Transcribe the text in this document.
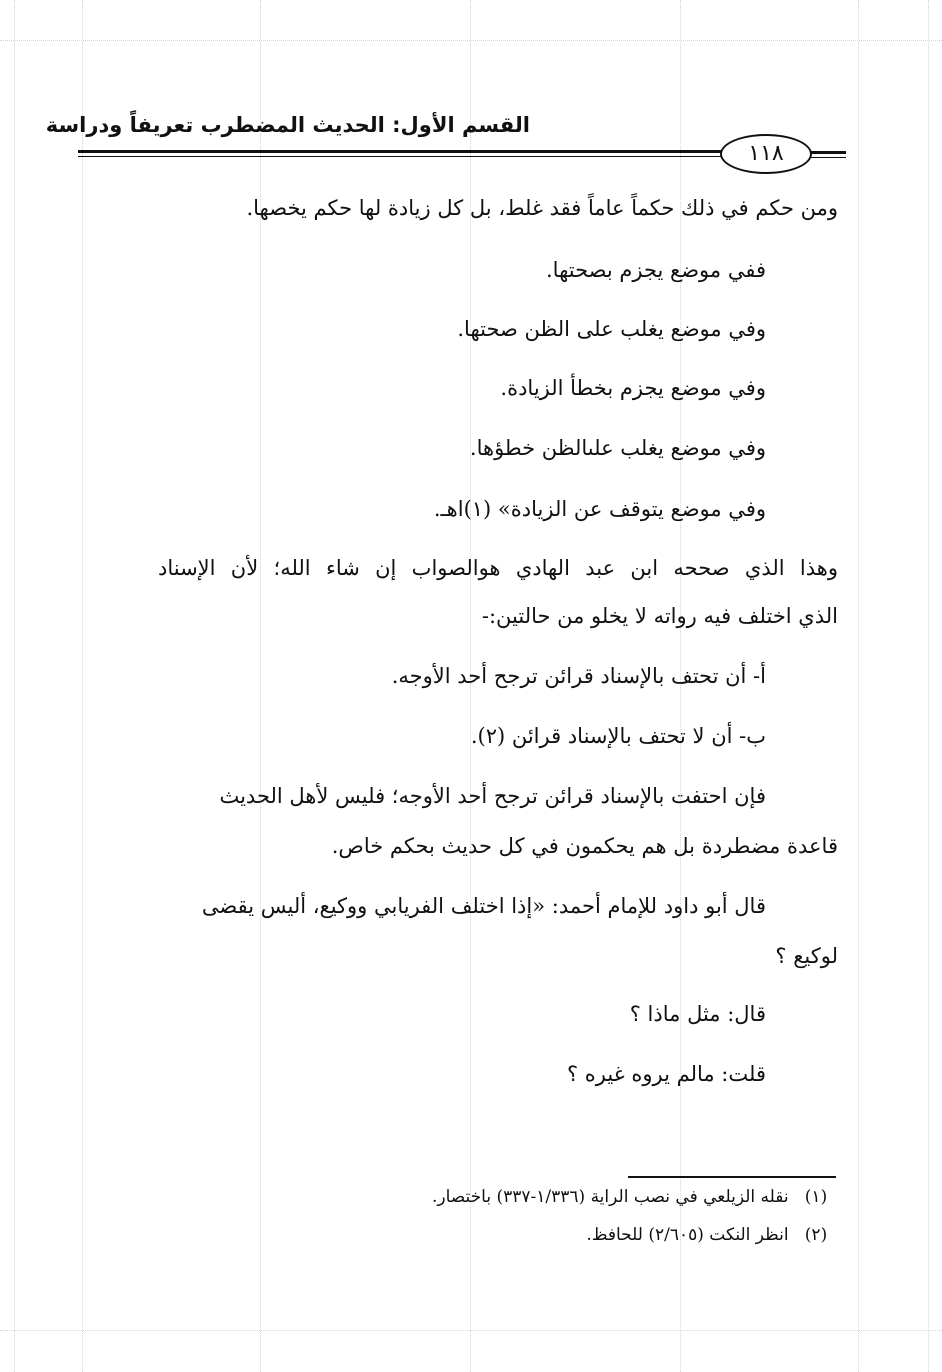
القسم الأول: الحديث المضطرب تعريفاً ودراسة
١١٨
ومن حكم في ذلك حكماً عاماً فقد غلط، بل كل زيادة لها حكم يخصها.
ففي موضع يجزم بصحتها.
وفي موضع يغلب على الظن صحتها.
وفي موضع يجزم بخطأ الزيادة.
وفي موضع يغلب علىالظن خطؤها.
وفي موضع يتوقف عن الزيادة» (١)اهـ.
وهذا الذي صححه ابن عبد الهادي هوالصواب إن شاء الله؛ لأن الإسناد
الذي اختلف فيه رواته لا يخلو من حالتين:-
أ- أن تحتف بالإسناد قرائن ترجح أحد الأوجه.
ب- أن لا تحتف بالإسناد قرائن (٢).
فإن احتفت بالإسناد قرائن ترجح أحد الأوجه؛ فليس لأهل الحديث
قاعدة مضطردة بل هم يحكمون في كل حديث بحكم خاص.
قال أبو داود للإمام أحمد: «إذا اختلف الفريابي ووكيع، أليس يقضى
لوكيع ؟
قال: مثل ماذا ؟
قلت: مالم يروه غيره ؟
(١) نقله الزيلعي في نصب الراية (١/٣٣٦-٣٣٧) باختصار.
(٢) انظر النكت (٢/٦٠٥) للحافظ.
